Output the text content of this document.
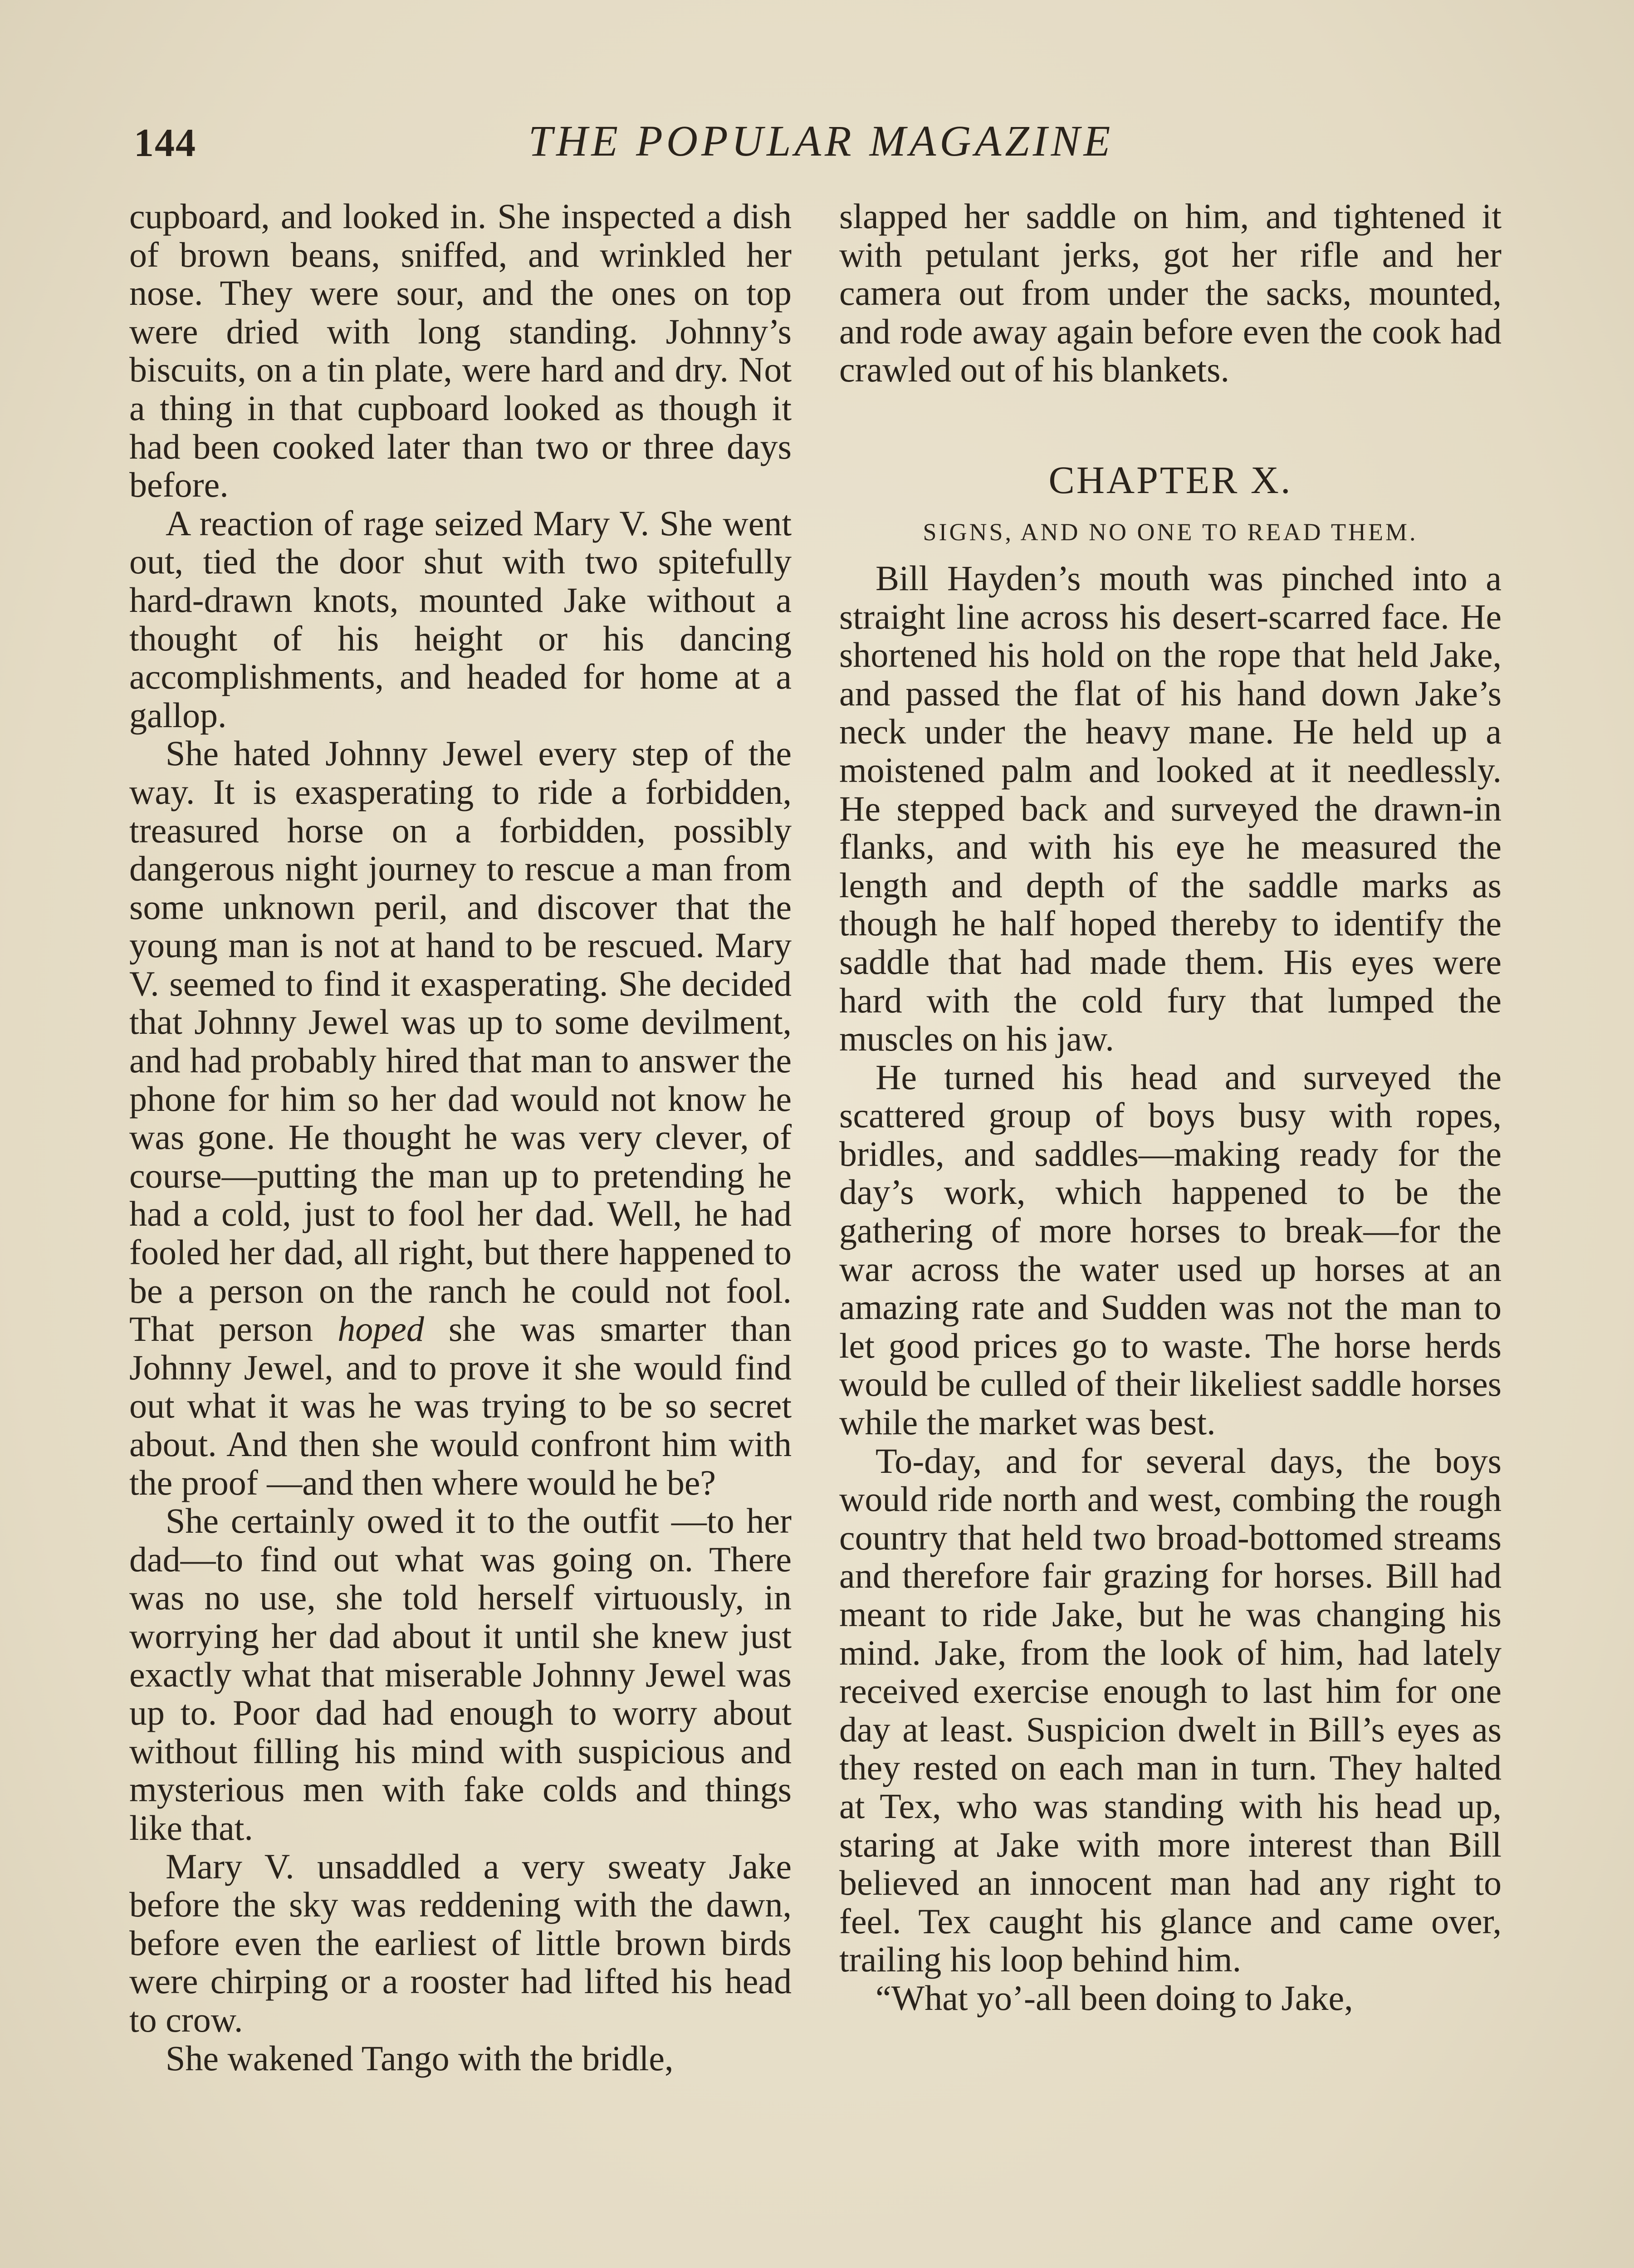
144	THE POPULAR MAGAZINE

cupboard, and looked in. She inspected a dish of brown beans, sniffed, and wrinkled her nose. They were sour, and the ones on top were dried with long standing. Johnny’s biscuits, on a tin plate, were hard and dry. Not a thing in that cupboard looked as though it had been cooked later than two or three days before.

A reaction of rage seized Mary V. She went out, tied the door shut with two spitefully hard-drawn knots, mounted Jake without a thought of his height or his dancing accomplishments, and headed for home at a gallop.

She hated Johnny Jewel every step of the way. It is exasperating to ride a forbidden, treasured horse on a forbidden, possibly dangerous night journey to rescue a man from some unknown peril, and discover that the young man is not at hand to be rescued. Mary V. seemed to find it exasperating. She decided that Johnny Jewel was up to some devilment, and had probably hired that man to answer the phone for him so her dad would not know he was gone. He thought he was very clever, of course—putting the man up to pretending he had a cold, just to fool her dad. Well, he had fooled her dad, all right, but there happened to be a person on the ranch he could not fool. That person hoped she was smarter than Johnny Jewel, and to prove it she would find out what it was he was trying to be so secret about. And then she would confront him with the proof —and then where would he be?

She certainly owed it to the outfit —to her dad—to find out what was going on. There was no use, she told herself virtuously, in worrying her dad about it until she knew just exactly what that miserable Johnny Jewel was up to. Poor dad had enough to worry about without filling his mind with suspicious and mysterious men with fake colds and things like that.

Mary V. unsaddled a very sweaty Jake before the sky was reddening with the dawn, before even the earliest of little brown birds were chirping or a rooster had lifted his head to crow.

She wakened Tango with the bridle,

slapped her saddle on him, and tightened it with petulant jerks, got her rifle and her camera out from under the sacks, mounted, and rode away again before even the cook had crawled out of his blankets.

CHAPTER X.
SIGNS, AND NO ONE TO READ THEM.

Bill Hayden’s mouth was pinched into a straight line across his desert-scarred face. He shortened his hold on the rope that held Jake, and passed the flat of his hand down Jake’s neck under the heavy mane. He held up a moistened palm and looked at it needlessly. He stepped back and surveyed the drawn-in flanks, and with his eye he measured the length and depth of the saddle marks as though he half hoped thereby to identify the saddle that had made them. His eyes were hard with the cold fury that lumped the muscles on his jaw.

He turned his head and surveyed the scattered group of boys busy with ropes, bridles, and saddles—making ready for the day’s work, which happened to be the gathering of more horses to break—for the war across the water used up horses at an amazing rate and Sudden was not the man to let good prices go to waste. The horse herds would be culled of their likeliest saddle horses while the market was best.

To-day, and for several days, the boys would ride north and west, combing the rough country that held two broad-bottomed streams and therefore fair grazing for horses. Bill had meant to ride Jake, but he was changing his mind. Jake, from the look of him, had lately received exercise enough to last him for one day at least. Suspicion dwelt in Bill’s eyes as they rested on each man in turn. They halted at Tex, who was standing with his head up, staring at Jake with more interest than Bill believed an innocent man had any right to feel. Tex caught his glance and came over, trailing his loop behind him.

“What yo’-all been doing to Jake,
